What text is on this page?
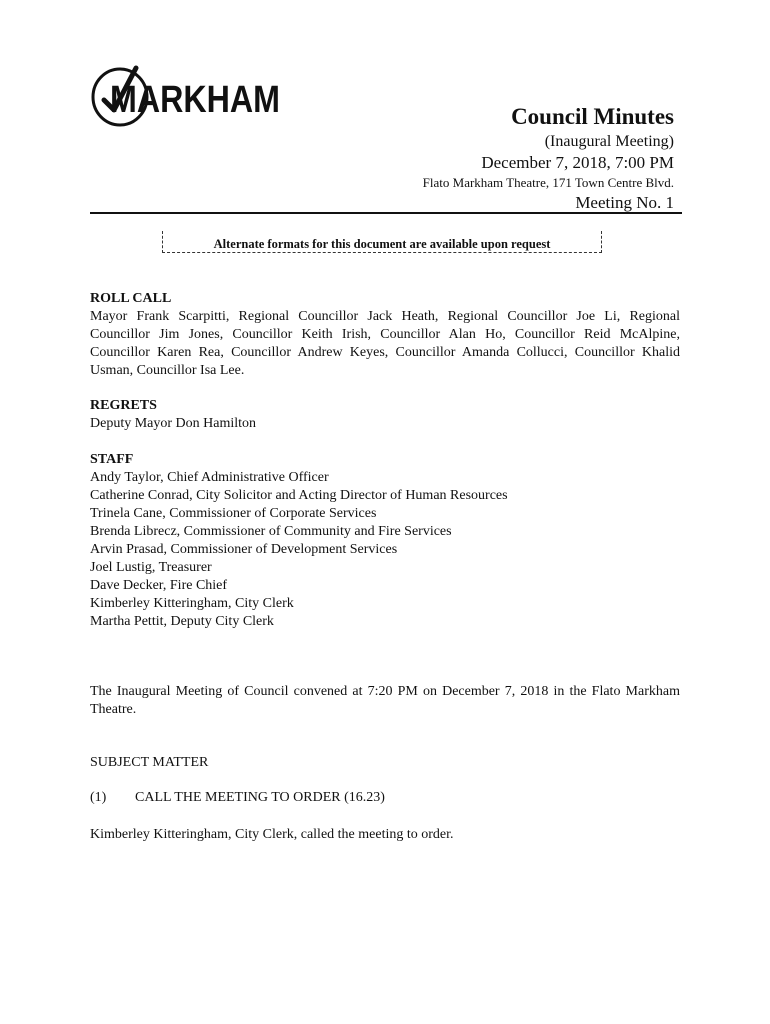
MARKHAM	Council Minutes
(Inaugural Meeting)
December 7, 2018, 7:00 PM
Flato Markham Theatre, 171 Town Centre Blvd.
Meeting No. 1
Alternate formats for this document are available upon request

ROLL CALL

Mayor Frank Scarpitti, Regional Councillor Jack Heath, Regional Councillor Joe Li, Regional Councillor Jim Jones, Councillor Keith Irish, Councillor Alan Ho, Councillor Reid McAlpine, Councillor Karen Rea, Councillor Andrew Keyes, Councillor Amanda Collucci, Councillor Khalid Usman, Councillor Isa Lee.

REGRETS

Deputy Mayor Don Hamilton

STAFF

Andy Taylor, Chief Administrative Officer
Catherine Conrad, City Solicitor and Acting Director of Human Resources
Trinela Cane, Commissioner of Corporate Services
Brenda Librecz, Commissioner of Community and Fire Services
Arvin Prasad, Commissioner of Development Services
Joel Lustig, Treasurer
Dave Decker, Fire Chief
Kimberley Kitteringham, City Clerk
Martha Pettit, Deputy City Clerk
The Inaugural Meeting of Council convened at 7:20 PM on December 7, 2018 in the Flato Markham Theatre.
SUBJECT MATTER
(1) CALL THE MEETING TO ORDER (16.23)
Kimberley Kitteringham, City Clerk, called the meeting to order.
